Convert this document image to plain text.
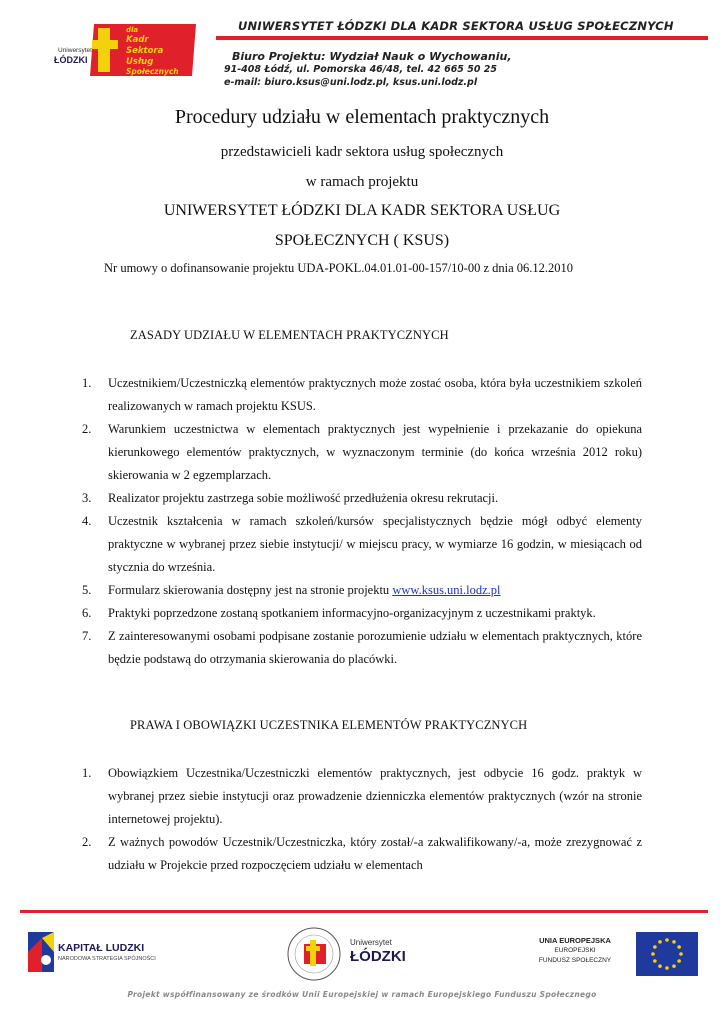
Uniwersytet
ŁÓDZKI
dla
Kadr
Sektora
Usług
Społecznych
UNIWERSYTET ŁÓDZKI DLA KADR SEKTORA USŁUG SPOŁECZNYCH
Biuro Projektu: Wydział Nauk o Wychowaniu,
91-408 Łódź, ul. Pomorska 46/48, tel. 42 665 50 25
e-mail: biuro.ksus@uni.lodz.pl, ksus.uni.lodz.pl
Procedury udziału w elementach praktycznych
przedstawicieli kadr sektora usług społecznych
w ramach projektu
UNIWERSYTET ŁÓDZKI DLA KADR SEKTORA USŁUG
SPOŁECZNYCH ( KSUS)
Nr umowy o dofinansowanie projektu UDA-POKL.04.01.01-00-157/10-00 z dnia 06.12.2010
ZASADY UDZIAŁU W ELEMENTACH PRAKTYCZNYCH
1. Uczestnikiem/Uczestniczką elementów praktycznych może zostać osoba, która była uczestnikiem szkoleń realizowanych w ramach projektu KSUS.
2. Warunkiem uczestnictwa w elementach praktycznych jest wypełnienie i przekazanie do opiekuna kierunkowego elementów praktycznych, w wyznaczonym terminie (do końca września 2012 roku) skierowania w 2 egzemplarzach.
3. Realizator projektu zastrzega sobie możliwość przedłużenia okresu rekrutacji.
4. Uczestnik kształcenia w ramach szkoleń/kursów specjalistycznych będzie mógł odbyć elementy praktyczne w wybranej przez siebie instytucji/ w miejscu pracy, w wymiarze 16 godzin, w miesiącach od stycznia do września.
5. Formularz skierowania dostępny jest na stronie projektu www.ksus.uni.lodz.pl
6. Praktyki poprzedzone zostaną spotkaniem informacyjno-organizacyjnym z uczestnikami praktyk.
7. Z zainteresowanymi osobami podpisane zostanie porozumienie udziału w elementach praktycznych, które będzie podstawą do otrzymania skierowania do placówki.
PRAWA I OBOWIĄZKI UCZESTNIKA ELEMENTÓW PRAKTYCZNYCH
1. Obowiązkiem Uczestnika/Uczestniczki elementów praktycznych, jest odbycie 16 godz. praktyk w wybranej przez siebie instytucji oraz prowadzenie dzienniczka elementów praktycznych (wzór na stronie internetowej projektu).
2. Z ważnych powodów Uczestnik/Uczestniczka, który został/-a zakwalifikowany/-a, może zrezygnować z udziału w Projekcie przed rozpoczęciem udziału w elementach
KAPITAŁ LUDZKI
NARODOWA STRATEGIA SPÓJNOŚCI
Uniwersytet
ŁÓDZKI
UNIA EUROPEJSKA
EUROPEJSKI
FUNDUSZ SPOŁECZNY
Projekt współfinansowany ze środków Unii Europejskiej w ramach Europejskiego Funduszu Społecznego
